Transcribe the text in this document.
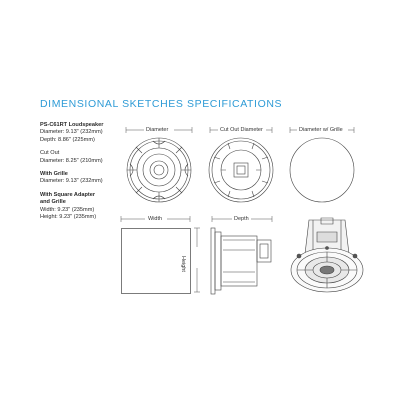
DIMENSIONAL SKETCHES SPECIFICATIONS
PS-C61RT Loudspeaker
Diameter: 9.13" (232mm)
Depth: 8.86" (225mm)
Cut Out
Diameter: 8.25" (210mm)
With Grille
Diameter: 9.13" (232mm)
With Square Adapter
and Grille
Width: 9.23" (235mm)
Height: 9.23" (235mm)
Diameter	Cut Out Diameter	Diameter w/ Grille
Width	Depth
Height
